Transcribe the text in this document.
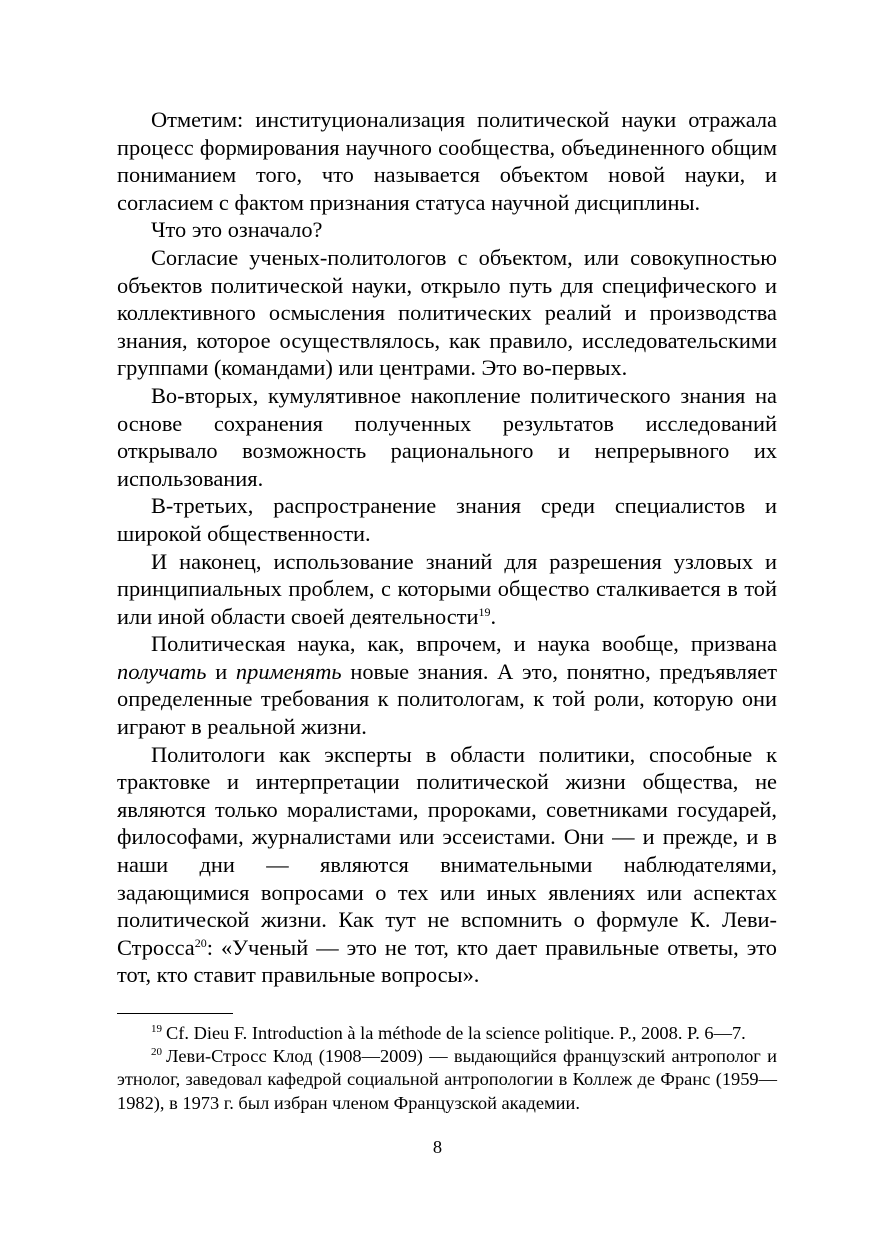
Отметим: институционализация политической науки отражала процесс формирования научного сообщества, объединенного общим пониманием того, что называется объектом новой науки, и согласием с фактом признания статуса научной дисциплины.

Что это означало?

Согласие ученых-политологов с объектом, или совокупностью объектов политической науки, открыло путь для специфического и коллективного осмысления политических реалий и производства знания, которое осуществлялось, как правило, исследовательскими группами (командами) или центрами. Это во-первых.

Во-вторых, кумулятивное накопление политического знания на основе сохранения полученных результатов исследований открывало возможность рационального и непрерывного их использования.

В-третьих, распространение знания среди специалистов и широкой общественности.

И наконец, использование знаний для разрешения узловых и принципиальных проблем, с которыми общество сталкивается в той или иной области своей деятельности$^{19}$.

Политическая наука, как, впрочем, и наука вообще, призвана получать и применять новые знания. А это, понятно, предъявляет определенные требования к политологам, к той роли, которую они играют в реальной жизни.

Политологи как эксперты в области политики, способные к трактовке и интерпретации политической жизни общества, не являются только моралистами, пророками, советниками государей, философами, журналистами или эссеистами. Они — и прежде, и в наши дни — являются внимательными наблюдателями, задающимися вопросами о тех или иных явлениях или аспектах политической жизни. Как тут не вспомнить о формуле К. Леви-Стросса$^{20}$: «Ученый — это не тот, кто дает правильные ответы, это тот, кто ставит правильные вопросы».

$^{19}$ Cf. Dieu F. Introduction à la méthode de la science politique. P., 2008. P. 6—7.

$^{20}$ Леви-Стросс Клод (1908—2009) — выдающийся французский антрополог и этнолог, заведовал кафедрой социальной антропологии в Коллеж де Франс (1959—1982), в 1973 г. был избран членом Французской академии.

8
